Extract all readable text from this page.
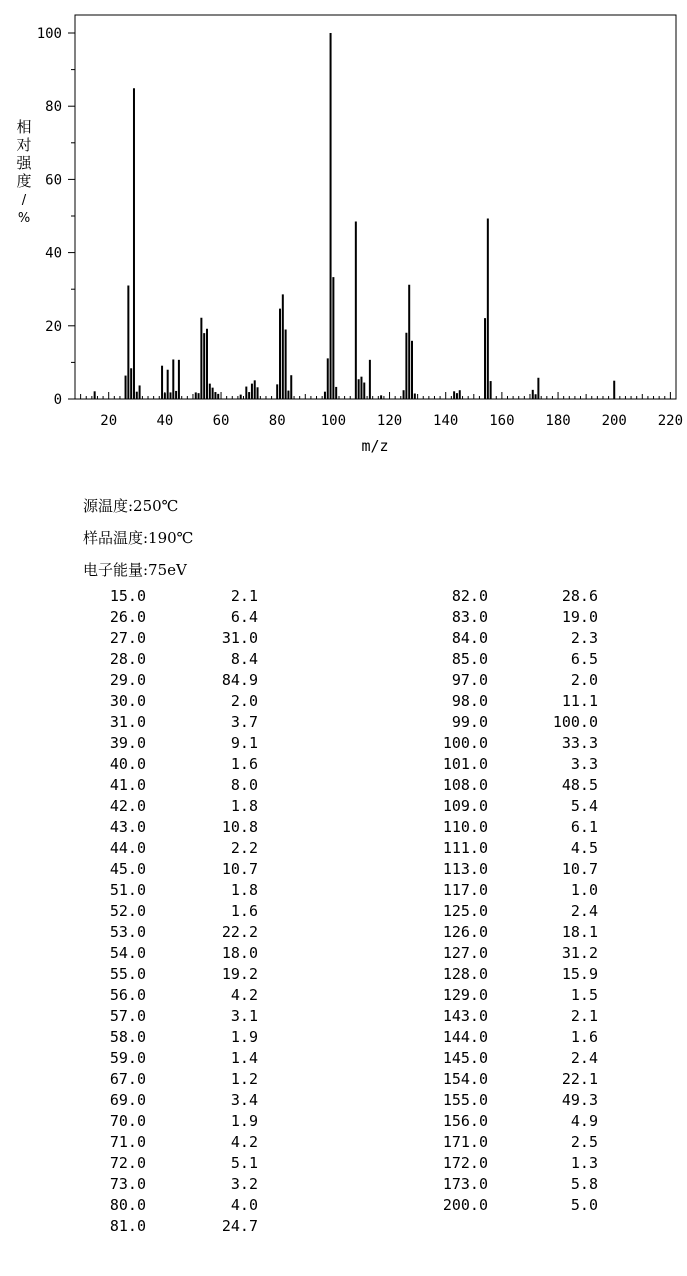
20	40	60	80	100 120 140 160 180 200 220
0
20
40
60
80
100
m/z
相对强度/ %
源温度:250℃
样品温度:190℃
电子能量:75eV
15.0	2.1
26.0	6.4
27.0	31.0
28.0	8.4
29.0	84.9
30.0	2.0
31.0	3.7
39.0	9.1
40.0	1.6
41.0	8.0
42.0	1.8
43.0	10.8
44.0	2.2
45.0	10.7
51.0	1.8
52.0	1.6
53.0	22.2
54.0	18.0
55.0	19.2
56.0	4.2
57.0	3.1
58.0	1.9
59.0	1.4
67.0	1.2
69.0	3.4
70.0	1.9
71.0	4.2
72.0	5.1
73.0	3.2
80.0	4.0
81.0	24.7
82.0	28.6
83.0	19.0
84.0	2.3
85.0	6.5
97.0	2.0
98.0	11.1
99.0	100.0
100.0	33.3
101.0	3.3
108.0	48.5
109.0	5.4
110.0	6.1
111.0	4.5
113.0	10.7
117.0	1.0
125.0	2.4
126.0	18.1
127.0	31.2
128.0	15.9
129.0	1.5
143.0	2.1
144.0	1.6
145.0	2.4
154.0	22.1
155.0	49.3
156.0	4.9
171.0	2.5
172.0	1.3
173.0	5.8
200.0	5.0
